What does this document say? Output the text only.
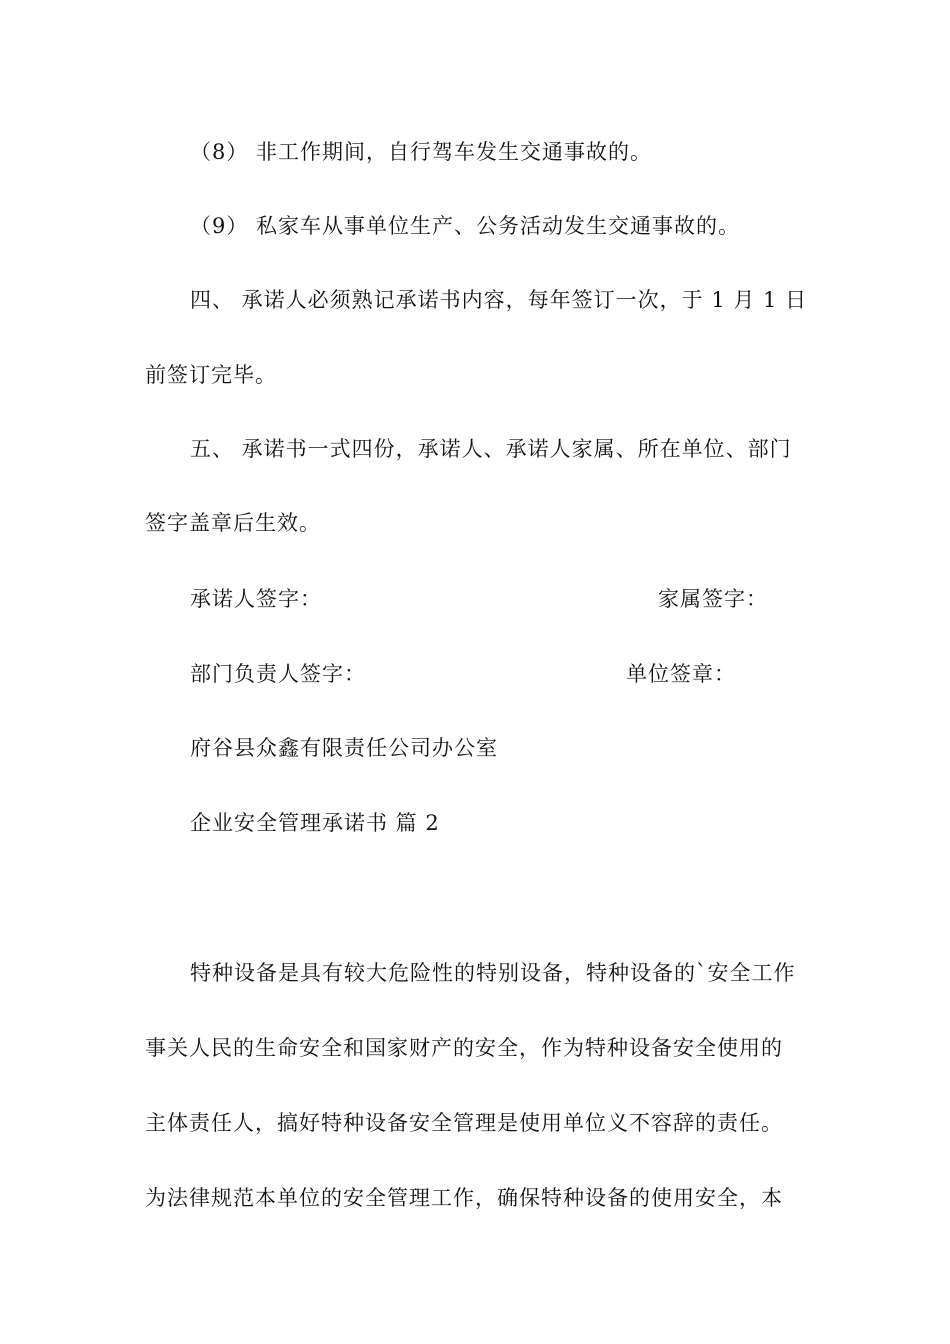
（8） 非工作期间，自行驾车发生交通事故的。
（9） 私家车从事单位生产、公务活动发生交通事故的。
四、 承诺人必须熟记承诺书内容，每年签订一次，于 1 月 1 日
前签订完毕。
五、 承诺书一式四份，承诺人、承诺人家属、所在单位、部门
签字盖章后生效。
承诺人签字：	家属签字：
部门负责人签字：	单位签章：
府谷县众鑫有限责任公司办公室
企业安全管理承诺书 篇 2
特种设备是具有较大危险性的特别设备，特种设备的`安全工作
事关人民的生命安全和国家财产的安全，作为特种设备安全使用的
主体责任人，搞好特种设备安全管理是使用单位义不容辞的责任。
为法律规范本单位的安全管理工作，确保特种设备的使用安全，本
